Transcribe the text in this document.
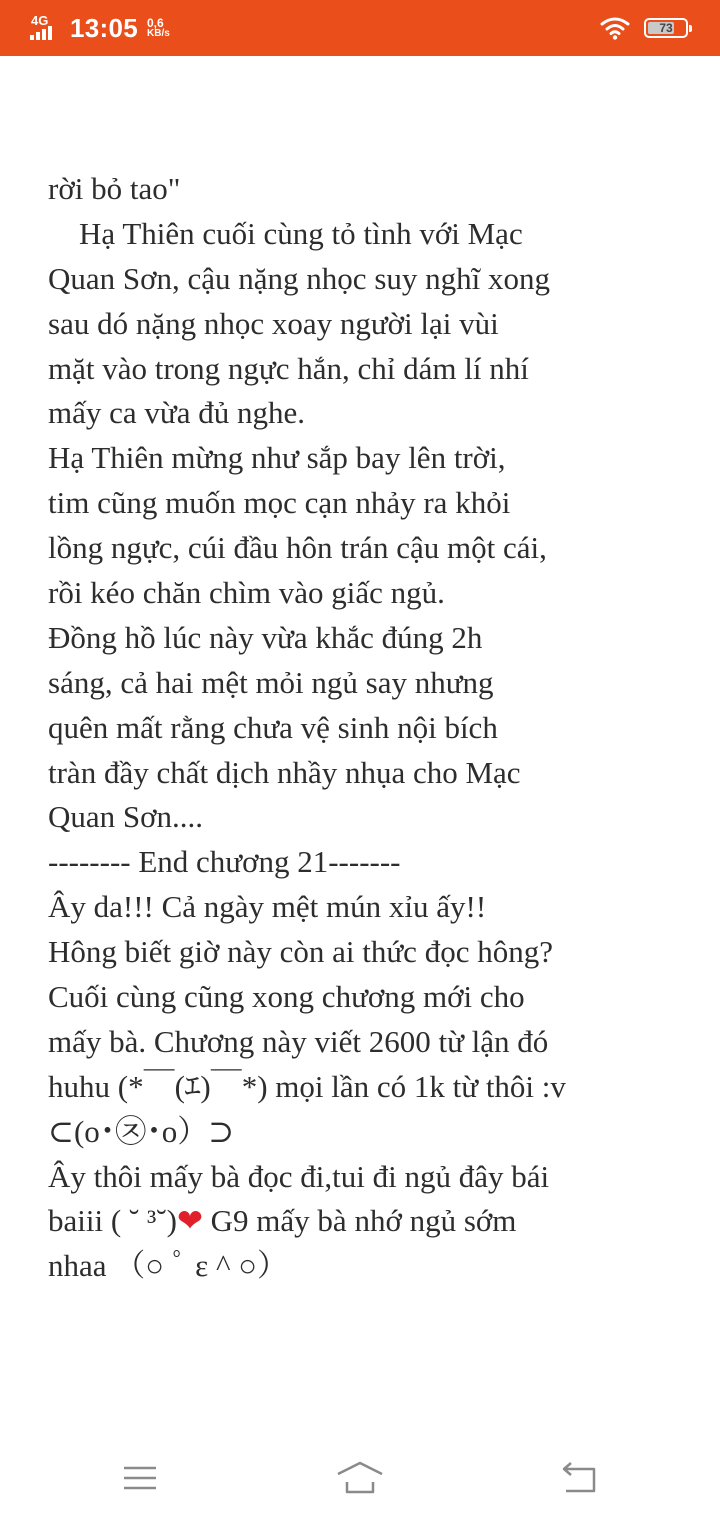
4G 13:05 0,6
KB/s	73
rời bỏ tao"
Hạ Thiên cuối cùng tỏ tình với Mạc
Quan Sơn, cậu nặng nhọc suy nghĩ xong
sau dó nặng nhọc xoay người lại vùi
mặt vào trong ngực hắn, chỉ dám lí nhí
mấy ca vừa đủ nghe.
Hạ Thiên mừng như sắp bay lên trời,
tim cũng muốn mọc cạn nhảy ra khỏi
lồng ngực, cúi đầu hôn trán cậu một cái,
rồi kéo chăn chìm vào giấc ngủ.
Đồng hồ lúc này vừa khắc đúng 2h
sáng, cả hai mệt mỏi ngủ say nhưng
quên mất rằng chưa vệ sinh nội bích
tràn đầy chất dịch nhầy nhụa cho Mạc
Quan Sơn....
-------- End chương 21-------
Ây da!!! Cả ngày mệt mún xỉu ấy!!
Hông biết giờ này còn ai thức đọc hông?
Cuối cùng cũng xong chương mới cho
mấy bà. Chương này viết 2600 từ lận đó
huhu (*￣(ｴ)￣*) mọi lần có 1k từ thôi :v
⊂(o･㉨･o）⊃
Ây thôi mấy bà đọc đi,tui đi ngủ đây bái
baiii ( ˘ ³˘)❤ G9 mấy bà nhớ ngủ sớm
nhaa （○ ﾟ ε ^ ○）
